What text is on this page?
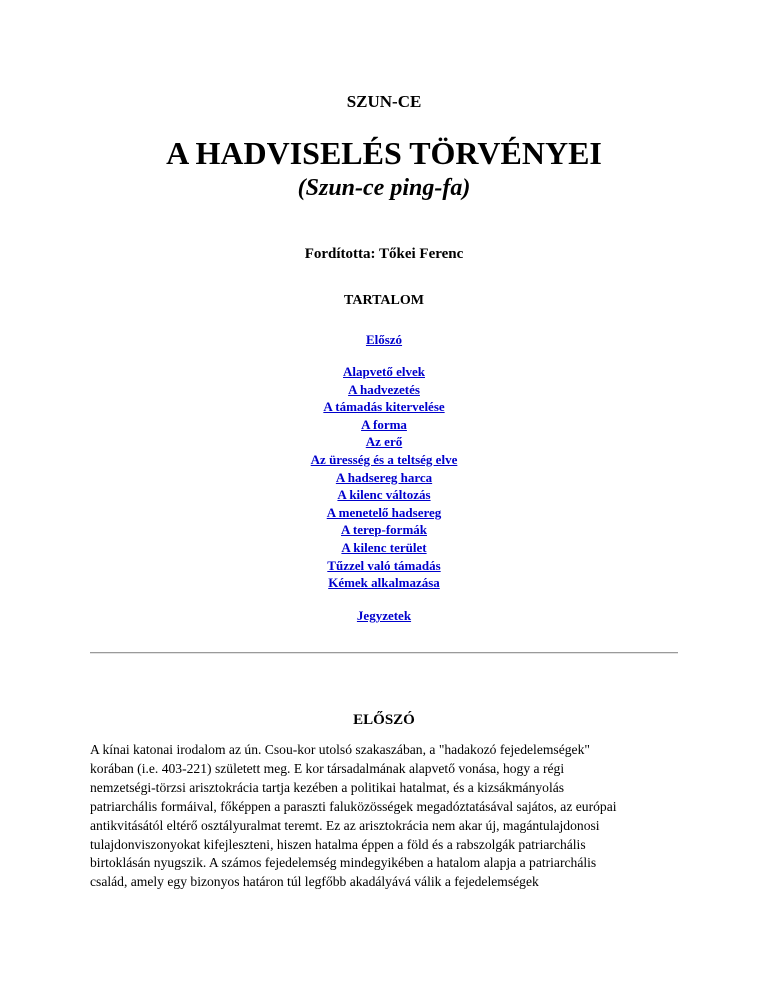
SZUN-CE
A HADVISELÉS TÖRVÉNYEI
(Szun-ce ping-fa)
Fordította: Tőkei Ferenc
TARTALOM
Előszó
Alapvető elvek
A hadvezetés
A támadás kitervelése
A forma
Az erő
Az üresség és a teltség elve
A hadsereg harca
A kilenc változás
A menetelő hadsereg
A terep-formák
A kilenc terület
Tűzzel való támadás
Kémek alkalmazása
Jegyzetek
ELŐSZÓ

A kínai katonai irodalom az ún. Csou-kor utolsó szakaszában, a "hadakozó fejedelemségek"
korában (i.e. 403-221) született meg. E kor társadalmának alapvető vonása, hogy a régi
nemzetségi-törzsi arisztokrácia tartja kezében a politikai hatalmat, és a kizsákmányolás
patriarchális formáival, főképpen a paraszti faluközösségek megadóztatásával sajátos, az európai
antikvitásától eltérő osztályuralmat teremt. Ez az arisztokrácia nem akar új, magántulajdonosi
tulajdonviszonyokat kifejleszteni, hiszen hatalma éppen a föld és a rabszolgák patriarchális
birtoklásán nyugszik. A számos fejedelemség mindegyikében a hatalom alapja a patriarchális
család, amely egy bizonyos határon túl legfőbb akadályává válik a fejedelemségek
